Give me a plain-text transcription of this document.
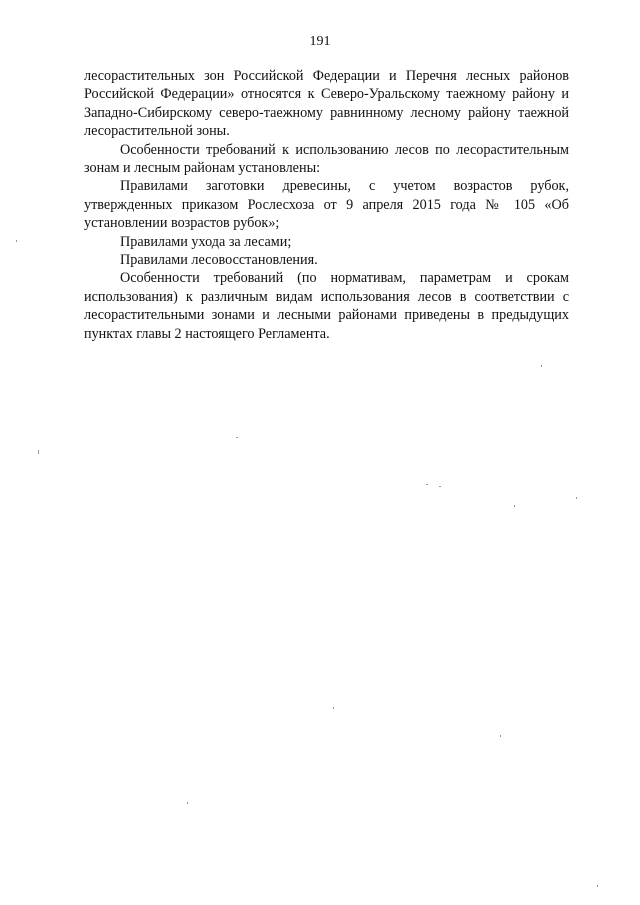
191

лесорастительных зон Российской Федерации и Перечня лесных районов Российской Федерации» относятся к Северо-Уральскому таежному району и Западно-Сибирскому северо-таежному равнинному лесному району таежной лесорастительной зоны.

Особенности требований к использованию лесов по лесорастительным зонам и лесным районам установлены:

Правилами заготовки древесины, с учетом возрастов рубок, утвержденных приказом Рослесхоза от 9 апреля 2015 года № 105 «Об установлении возрастов рубок»;

Правилами ухода за лесами;

Правилами лесовосстановления.

Особенности требований (по нормативам, параметрам и срокам использования) к различным видам использования лесов в соответствии с лесорастительными зонами и лесными районами приведены в предыдущих пунктах главы 2 настоящего Регламента.
